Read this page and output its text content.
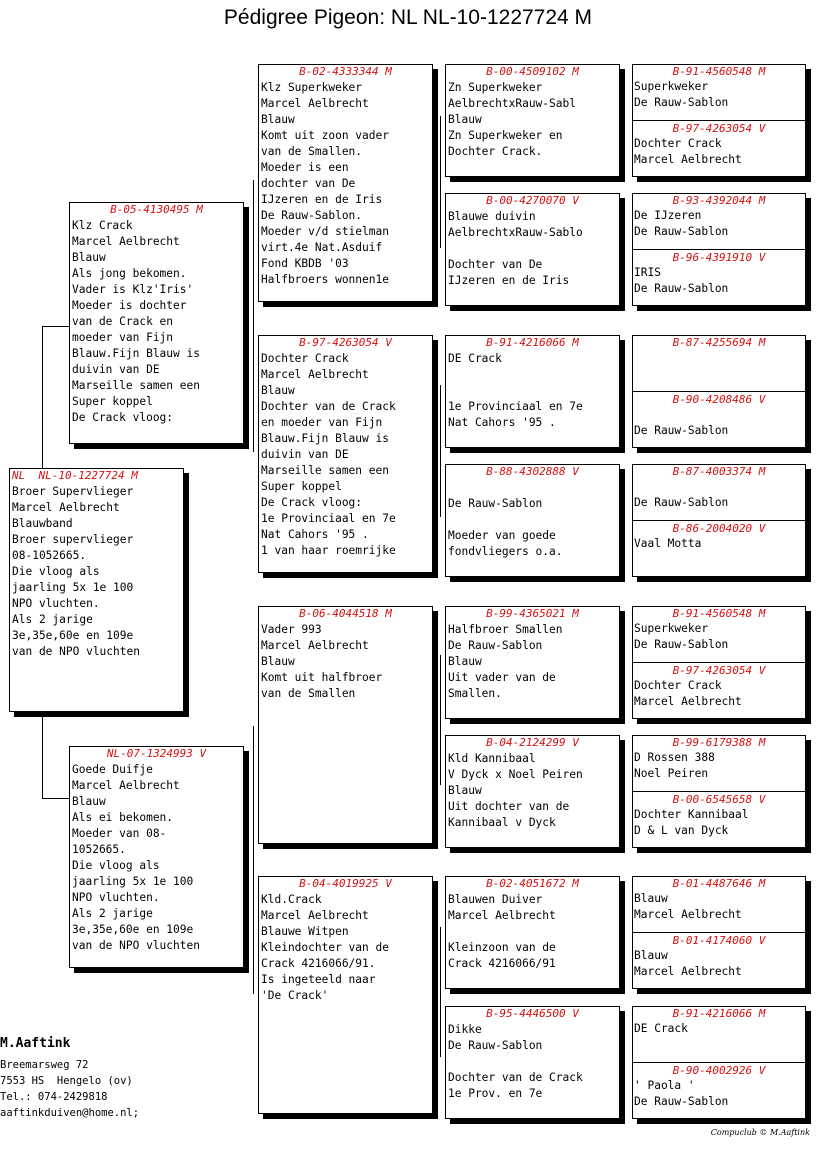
Pédigree Pigeon: NL NL-10-1227724 M
NL NL-10-1227724 M
Broer Supervlieger
Marcel Aelbrecht
Blauwband
Broer supervlieger
08-1052665.
Die vloog als
jaarling 5x 1e 100
NPO vluchten.
Als 2 jarige
3e,35e,60e en 109e
van de NPO vluchten
B-05-4130495 M
Klz Crack
Marcel Aelbrecht
Blauw
Als jong bekomen.
Vader is Klz'Iris'
Moeder is dochter
van de Crack en
moeder van Fijn
Blauw.Fijn Blauw is
duivin van DE
Marseille samen een
Super koppel
De Crack vloog:
NL-07-1324993 V
Goede Duifje
Marcel Aelbrecht
Blauw
Als ei bekomen.
Moeder van 08-
1052665.
Die vloog als
jaarling 5x 1e 100
NPO vluchten.
Als 2 jarige
3e,35e,60e en 109e
van de NPO vluchten
B-02-4333344 M
Klz Superkweker
Marcel Aelbrecht
Blauw
Komt uit zoon vader
van de Smallen.
Moeder is een
dochter van De
IJzeren en de Iris
De Rauw-Sablon.
Moeder v/d stielman
virt.4e Nat.Asduif
Fond KBDB '03
Halfbroers wonnen1e
B-97-4263054 V
Dochter Crack
Marcel Aelbrecht
Blauw
Dochter van de Crack
en moeder van Fijn
Blauw.Fijn Blauw is
duivin van DE
Marseille samen een
Super koppel
De Crack vloog:
1e Provinciaal en 7e
Nat Cahors '95 .
1 van haar roemrijke
B-06-4044518 M
Vader 993
Marcel Aelbrecht
Blauw
Komt uit halfbroer
van de Smallen
B-04-4019925 V
Kld.Crack
Marcel Aelbrecht
Blauwe Witpen
Kleindochter van de
Crack 4216066/91.
Is ingeteeld naar
'De Crack'
B-00-4509102 M
Zn Superkweker
AelbrechtxRauw-Sabl
Blauw
Zn Superkweker en
Dochter Crack.
B-00-4270070 V
Blauwe duivin
AelbrechtxRauw-Sablo
Dochter van De
IJzeren en de Iris
B-91-4216066 M
DE Crack
1e Provinciaal en 7e
Nat Cahors '95 .
B-88-4302888 V
De Rauw-Sablon
Moeder van goede
fondvliegers o.a.
B-99-4365021 M
Halfbroer Smallen
De Rauw-Sablon
Blauw
Uit vader van de
Smallen.
B-04-2124299 V
Kld Kannibaal
V Dyck x Noel Peiren
Blauw
Uit dochter van de
Kannibaal v Dyck
B-02-4051672 M
Blauwen Duiver
Marcel Aelbrecht
Kleinzoon van de
Crack 4216066/91
B-95-4446500 V
Dikke
De Rauw-Sablon
Dochter van de Crack
1e Prov. en 7e
B-91-4560548 M
Superkweker
De Rauw-Sablon
B-97-4263054 V
Dochter Crack
Marcel Aelbrecht
B-93-4392044 M
De IJzeren
De Rauw-Sablon
B-96-4391910 V
IRIS
De Rauw-Sablon
B-87-4255694 M
B-90-4208486 V
De Rauw-Sablon
B-87-4003374 M
De Rauw-Sablon
B-86-2004020 V
Vaal Motta
B-91-4560548 M
Superkweker
De Rauw-Sablon
B-97-4263054 V
Dochter Crack
Marcel Aelbrecht
B-99-6179388 M
D Rossen 388
Noel Peiren
B-00-6545658 V
Dochter Kannibaal
D & L van Dyck
B-01-4487646 M
Blauw
Marcel Aelbrecht
B-01-4174060 V
Blauw
Marcel Aelbrecht
B-91-4216066 M
DE Crack
B-90-4002926 V
' Paola '
De Rauw-Sablon
M.Aaftink
Breemarsweg 72
7553 HS  Hengelo (ov)
Tel.: 074-2429818
aaftinkduiven@home.nl;
Compuclub © M.Aaftink
